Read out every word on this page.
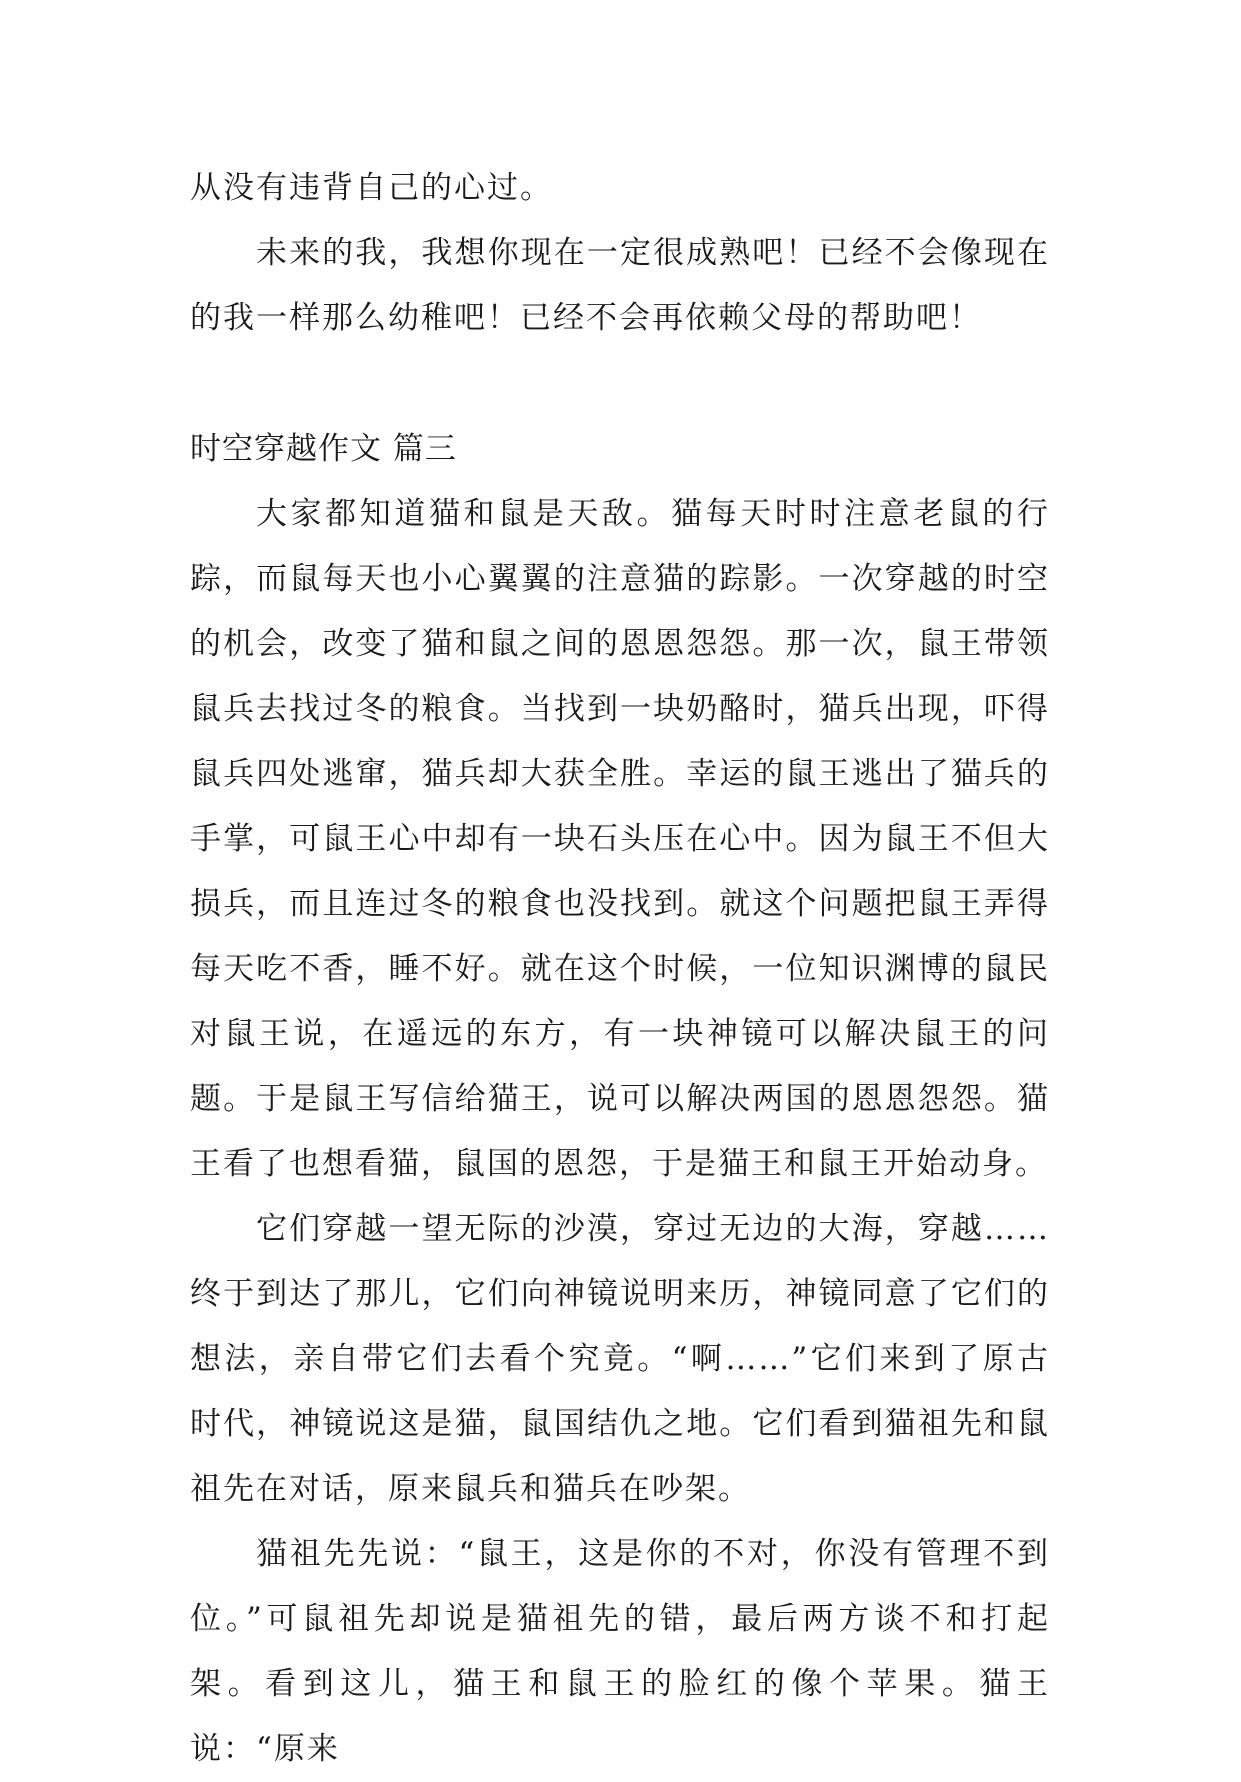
从没有违背自己的心过。

未来的我，我想你现在一定很成熟吧！已经不会像现在的我一样那么幼稚吧！已经不会再依赖父母的帮助吧！

时空穿越作文 篇三

大家都知道猫和鼠是天敌。猫每天时时注意老鼠的行踪，而鼠每天也小心翼翼的注意猫的踪影。一次穿越的时空的机会，改变了猫和鼠之间的恩恩怨怨。那一次，鼠王带领鼠兵去找过冬的粮食。当找到一块奶酪时，猫兵出现，吓得鼠兵四处逃窜，猫兵却大获全胜。幸运的鼠王逃出了猫兵的手掌，可鼠王心中却有一块石头压在心中。因为鼠王不但大损兵，而且连过冬的粮食也没找到。就这个问题把鼠王弄得每天吃不香，睡不好。就在这个时候，一位知识渊博的鼠民对鼠王说，在遥远的东方，有一块神镜可以解决鼠王的问题。于是鼠王写信给猫王，说可以解决两国的恩恩怨怨。猫王看了也想看猫，鼠国的恩怨，于是猫王和鼠王开始动身。

它们穿越一望无际的沙漠，穿过无边的大海，穿越……终于到达了那儿，它们向神镜说明来历，神镜同意了它们的想法，亲自带它们去看个究竟。“啊……”它们来到了原古时代，神镜说这是猫，鼠国结仇之地。它们看到猫祖先和鼠祖先在对话，原来鼠兵和猫兵在吵架。

猫祖先先说：“鼠王，这是你的不对，你没有管理不到位。”可鼠祖先却说是猫祖先的错，最后两方谈不和打起架。看到这儿，猫王和鼠王的脸红的像个苹果。猫王说：“原来
